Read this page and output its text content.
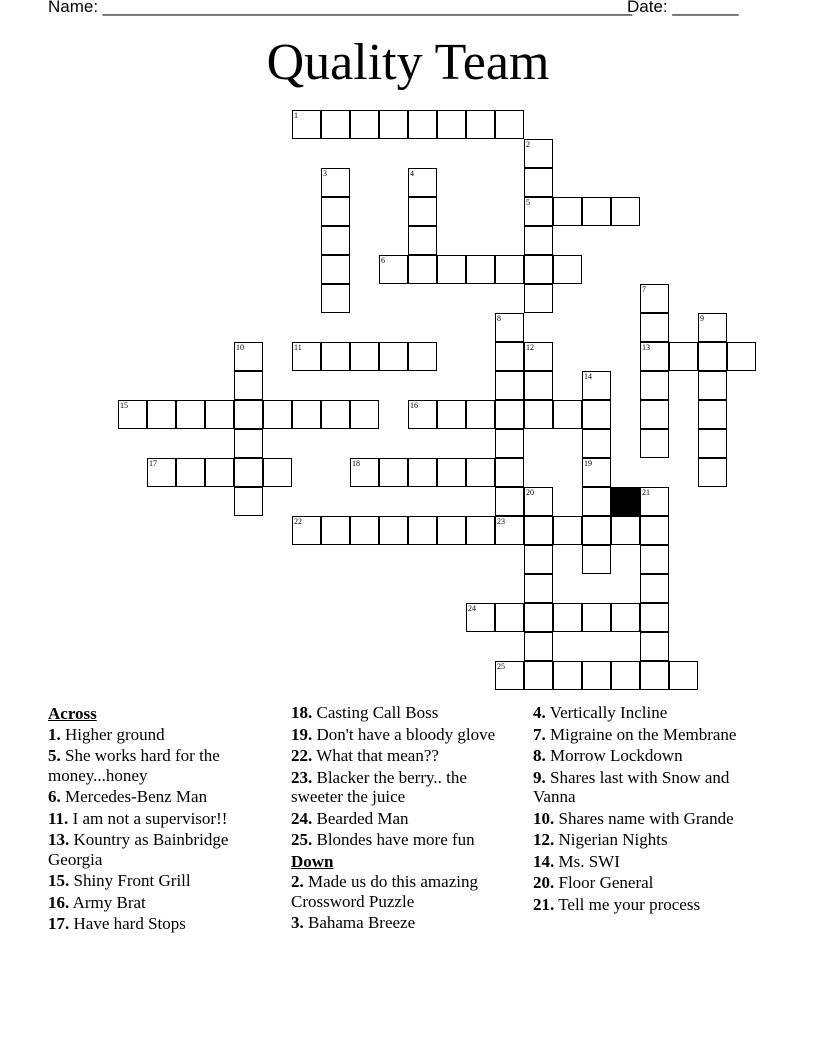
Name: ________________________________________________________
Date: _______
Quality Team
1
2
3	4
5
6
7
13
8	9
10	11	12
14
19
15	16
17	18
20	21
22	23
24
25
Across
1. Higher ground
5. She works hard for the money...honey
6. Mercedes-Benz Man
11. I am not a supervisor!!
13. Kountry as Bainbridge Georgia
15. Shiny Front Grill
16. Army Brat
17. Have hard Stops
18. Casting Call Boss
19. Don't have a bloody glove
22. What that mean??
23. Blacker the berry.. the sweeter the juice
24. Bearded Man
25. Blondes have more fun
Down
2. Made us do this amazing Crossword Puzzle
3. Bahama Breeze
4. Vertically Incline
7. Migraine on the Membrane
8. Morrow Lockdown
9. Shares last with Snow and Vanna
10. Shares name with Grande
12. Nigerian Nights
14. Ms. SWI
20. Floor General
21. Tell me your process
